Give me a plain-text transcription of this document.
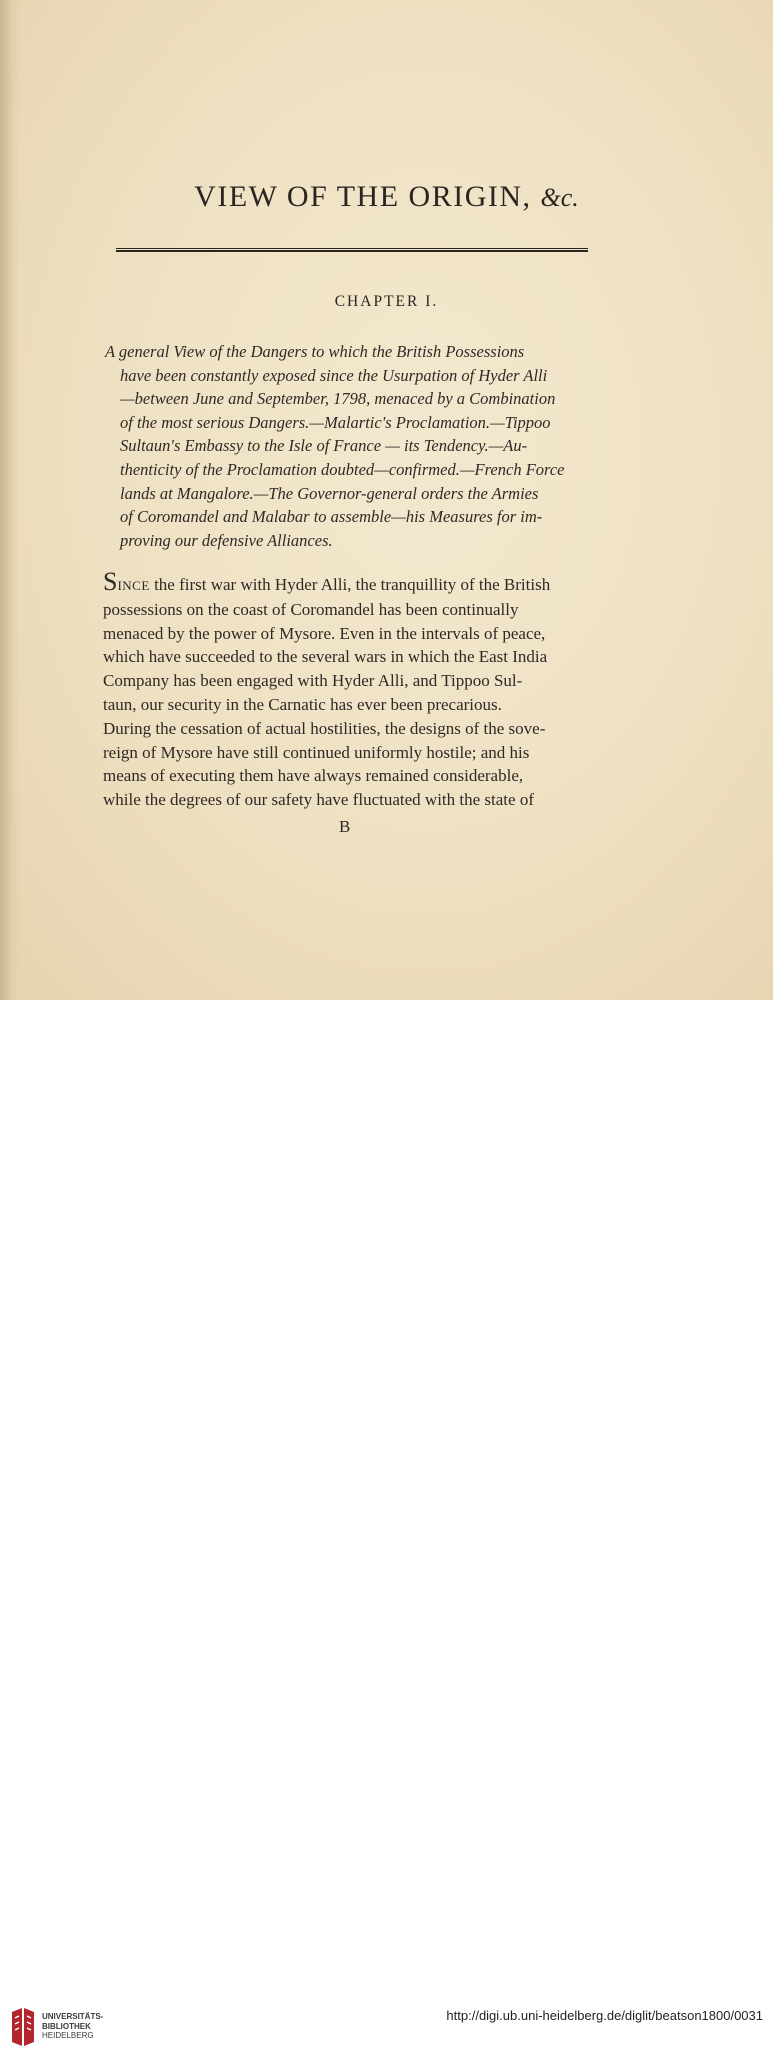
VIEW OF THE ORIGIN, &c.
CHAPTER I.
A general View of the Dangers to which the British Possessions
have been constantly exposed since the Usurpation of Hyder Alli
—between June and September, 1798, menaced by a Combination
of the most serious Dangers.—Malartic's Proclamation.—Tippoo
Sultaun's Embassy to the Isle of France — its Tendency.—Au-
thenticity of the Proclamation doubted—confirmed.—French Force
lands at Mangalore.—The Governor-general orders the Armies
of Coromandel and Malabar to assemble—his Measures for im-
proving our defensive Alliances.
SINCE the first war with Hyder Alli, the tranquillity of the British
possessions on the coast of Coromandel has been continually
menaced by the power of Mysore. Even in the intervals of peace,
which have succeeded to the several wars in which the East India
Company has been engaged with Hyder Alli, and Tippoo Sul-
taun, our security in the Carnatic has ever been precarious.
During the cessation of actual hostilities, the designs of the sove-
reign of Mysore have still continued uniformly hostile; and his
means of executing them have always remained considerable,
while the degrees of our safety have fluctuated with the state of
B
UNIVERSITÄTS-
BIBLIOTHEK
HEIDELBERG
http://digi.ub.uni-heidelberg.de/diglit/beatson1800/0031
